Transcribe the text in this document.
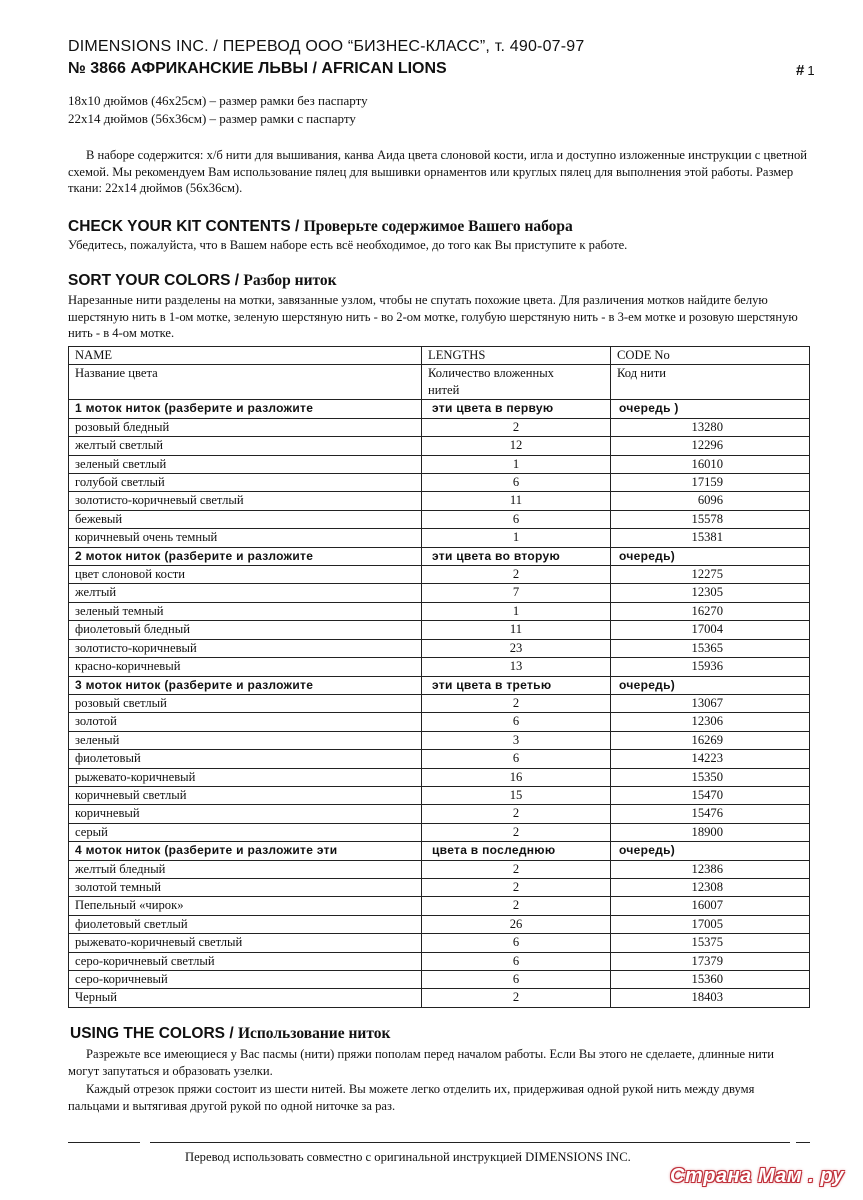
DIMENSIONS INC. / ПЕРЕВОД ООО “БИЗНЕС-КЛАСС”, т. 490-07-97
№ 3866 АФРИКАНСКИЕ ЛЬВЫ / AFRICAN LIONS	# 1
18x10 дюймов (46x25см) – размер рамки без паспарту
22x14 дюймов (56x36см) – размер рамки с паспарту
В наборе содержится: х/б нити для вышивания, канва Аида цвета слоновой кости, игла и доступно изложенные инструкции с цветной схемой. Мы рекомендуем Вам использование пялец для вышивки орнаментов или круглых пялец для выполнения этой работы. Размер ткани: 22x14 дюймов (56x36см).
CHECK YOUR KIT CONTENTS / Проверьте содержимое Вашего набора
Убедитесь, пожалуйста, что в Вашем наборе есть всё необходимое, до того как Вы приступите к работе.
SORT YOUR COLORS / Разбор ниток
Нарезанные нити разделены на мотки, завязанные узлом, чтобы не спутать похожие цвета. Для различения мотков найдите белую шерстяную нить в 1-ом мотке, зеленую шерстяную нить - во 2-ом мотке, голубую шерстяную нить - в 3-ем мотке и розовую шерстяную нить - в 4-ом мотке.
NAME	LENGTHS	CODE No
Название цвета	Количество вложенных нитей	Код нити
1 моток ниток (разберите и разложите	эти цвета в первую	очередь )
розовый бледный	2	13280
желтый светлый	12	12296
зеленый светлый	1	16010
голубой светлый	6	17159
золотисто-коричневый светлый	11	6096
бежевый	6	15578
коричневый очень темный	1	15381
2 моток ниток (разберите и разложите	эти цвета во вторую	очередь)
цвет слоновой кости	2	12275
желтый	7	12305
зеленый темный	1	16270
фиолетовый бледный	11	17004
золотисто-коричневый	23	15365
красно-коричневый	13	15936
3 моток ниток (разберите и разложите	эти цвета в третью	очередь)
розовый светлый	2	13067
золотой	6	12306
зеленый	3	16269
фиолетовый	6	14223
рыжевато-коричневый	16	15350
коричневый светлый	15	15470
коричневый	2	15476
серый	2	18900
4 моток ниток (разберите и разложите эти	цвета в последнюю	очередь)
желтый бледный	2	12386
золотой темный	2	12308
Пепельный «чирок»	2	16007
фиолетовый светлый	26	17005
рыжевато-коричневый светлый	6	15375
серо-коричневый светлый	6	17379
серо-коричневый	6	15360
Черный	2	18403
USING THE COLORS / Использование ниток
Разрежьте все имеющиеся у Вас пасмы (нити) пряжи пополам перед началом работы. Если Вы этого не сделаете, длинные нити могут запутаться и образовать узелки.
Каждый отрезок пряжи состоит из шести нитей. Вы можете легко отделить их, придерживая одной рукой нить между двумя пальцами и вытягивая другой рукой по одной ниточке за раз.
Перевод использовать совместно с оригинальной инструкцией DIMENSIONS INC.
Страна Мам . ру
